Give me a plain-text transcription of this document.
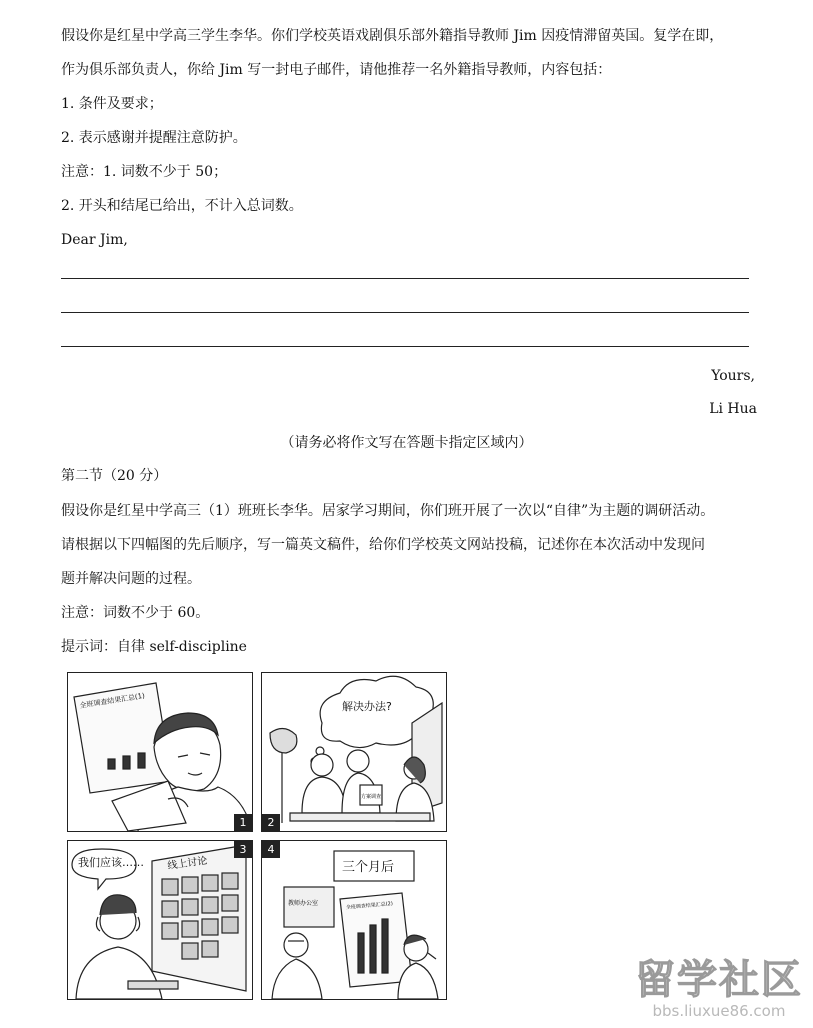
假设你是红星中学高三学生李华。你们学校英语戏剧俱乐部外籍指导教师 Jim 因疫情滞留英国。复学在即，
作为俱乐部负责人，你给 Jim 写一封电子邮件，请他推荐一名外籍指导教师，内容包括：
1. 条件及要求；
2. 表示感谢并提醒注意防护。
注意：1. 词数不少于 50；
2. 开头和结尾已给出，不计入总词数。
Dear Jim,
Yours,
Li Hua
（请务必将作文写在答题卡指定区域内）
第二节（20 分）
假设你是红星中学高三（1）班班长李华。居家学习期间，你们班开展了一次以“自律”为主题的调研活动。
请根据以下四幅图的先后顺序，写一篇英文稿件，给你们学校英文网站投稿，记述你在本次活动中发现问
题并解决问题的过程。
注意：词数不少于 60。
提示词：自律 self-discipline
全班调查结果汇总(1)
1
解决办法?
方案调查
2
我们应该…… 线上讨论
3
三个月后
教师办公室	全班调查结果汇总(2)
4
留学社区
bbs.liuxue86.com
